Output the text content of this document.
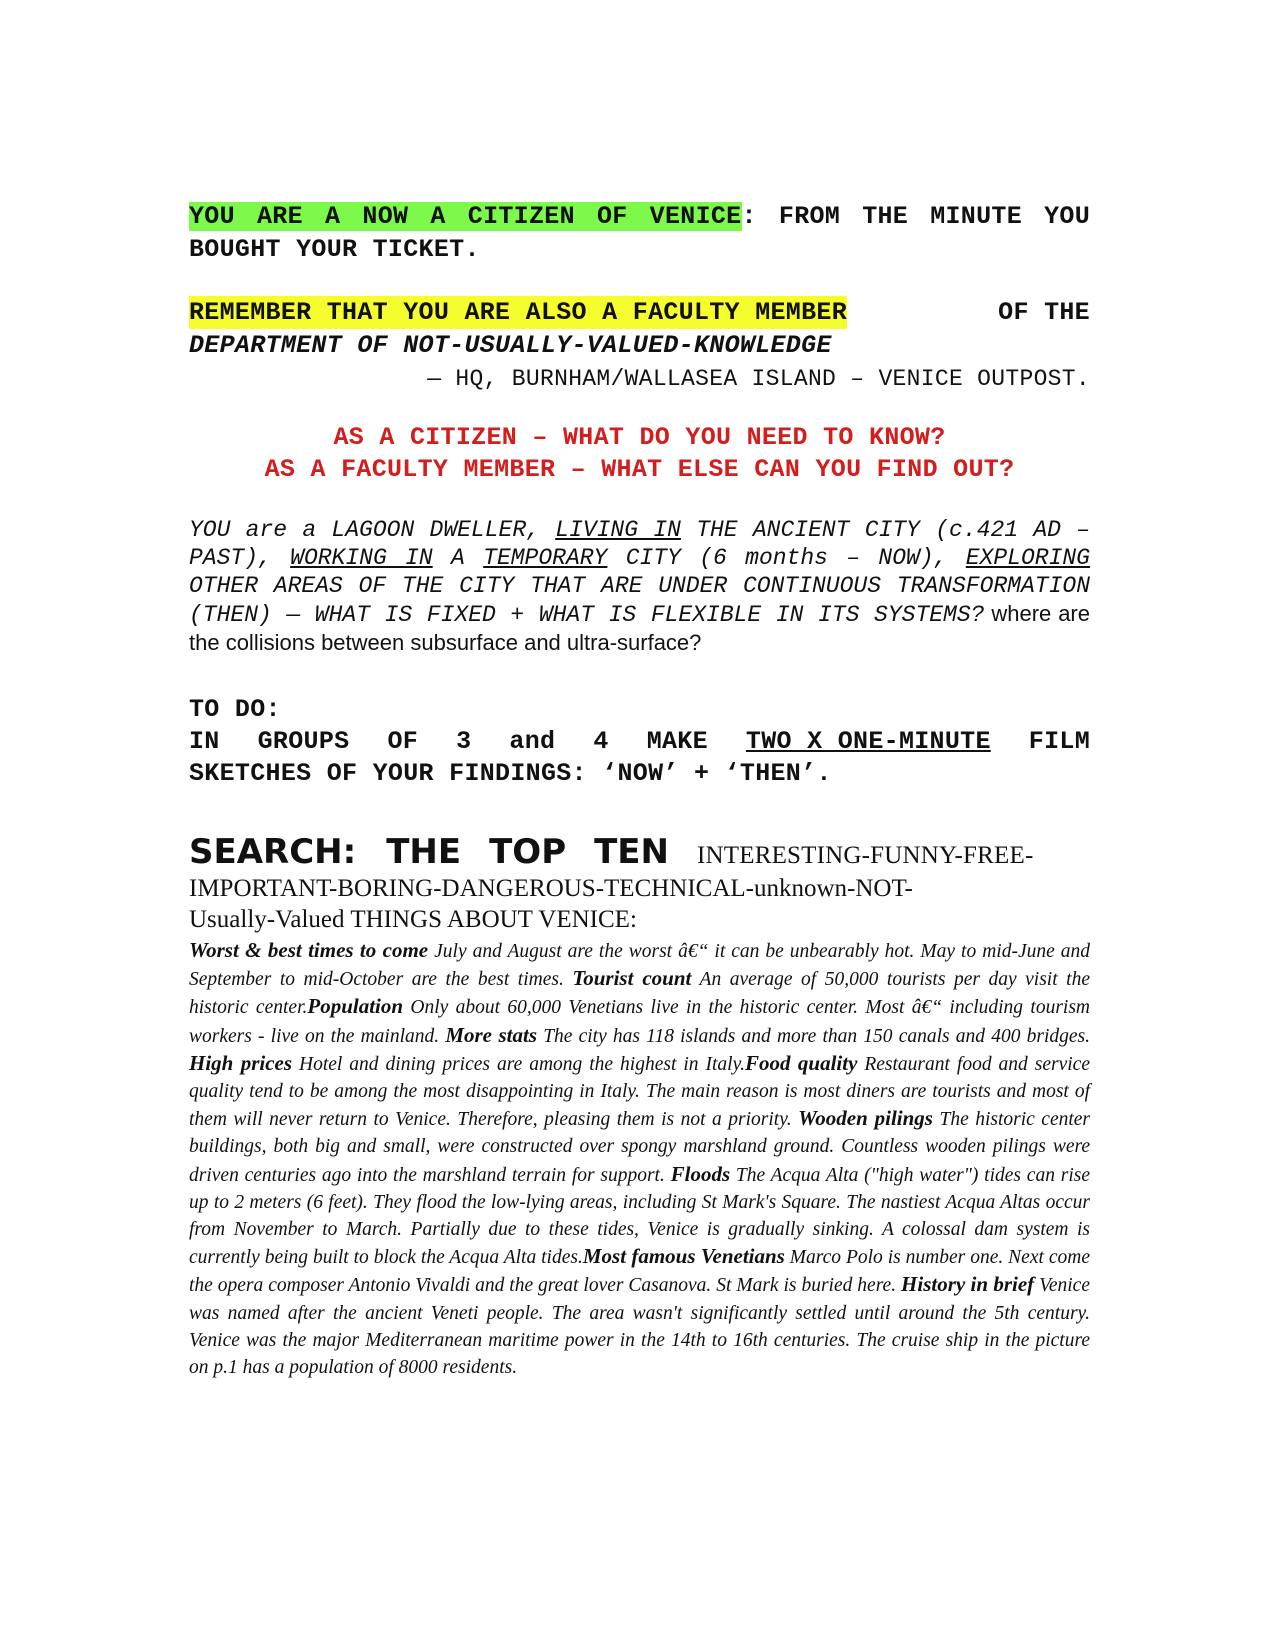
YOU ARE A NOW A CITIZEN OF VENICE: FROM THE MINUTE YOU BOUGHT YOUR TICKET.
REMEMBER THAT YOU ARE ALSO A FACULTY MEMBER	OF THE
DEPARTMENT OF NOT-USUALLY-VALUED-KNOWLEDGE
— HQ, BURNHAM/WALLASEA ISLAND – VENICE OUTPOST.
AS A CITIZEN – WHAT DO YOU NEED TO KNOW?
AS A FACULTY MEMBER – WHAT ELSE CAN YOU FIND OUT?
YOU are a LAGOON DWELLER, LIVING IN THE ANCIENT CITY (c.421 AD – PAST), WORKING IN A TEMPORARY CITY (6 months – NOW), EXPLORING OTHER AREAS OF THE CITY THAT ARE UNDER CONTINUOUS TRANSFORMATION (THEN) — WHAT IS FIXED + WHAT IS FLEXIBLE IN ITS SYSTEMS? where are the collisions between subsurface and ultra-surface?
TO DO:
IN GROUPS OF 3 and 4 MAKE TWO X ONE-MINUTE FILM
SKETCHES OF YOUR FINDINGS: ‘NOW’ + ‘THEN’.
SEARCH: THE TOP TEN INTERESTING-FUNNY-FREE-
IMPORTANT-BORING-DANGEROUS-TECHNICAL-unknown-NOT-
Usually-Valued THINGS ABOUT VENICE:
Worst & best times to come July and August are the worst â€“ it can be unbearably hot. May to mid-June and September to mid-October are the best times. Tourist count An average of 50,000 tourists per day visit the historic center.Population Only about 60,000 Venetians live in the historic center. Most â€“ including tourism workers - live on the mainland. More stats The city has 118 islands and more than 150 canals and 400 bridges. High prices Hotel and dining prices are among the highest in Italy.Food quality Restaurant food and service quality tend to be among the most disappointing in Italy. The main reason is most diners are tourists and most of them will never return to Venice. Therefore, pleasing them is not a priority. Wooden pilings The historic center buildings, both big and small, were constructed over spongy marshland ground. Countless wooden pilings were driven centuries ago into the marshland terrain for support. Floods The Acqua Alta ("high water") tides can rise up to 2 meters (6 feet). They flood the low-lying areas, including St Mark's Square. The nastiest Acqua Altas occur from November to March. Partially due to these tides, Venice is gradually sinking. A colossal dam system is currently being built to block the Acqua Alta tides.Most famous Venetians Marco Polo is number one. Next come the opera composer Antonio Vivaldi and the great lover Casanova. St Mark is buried here. History in brief Venice was named after the ancient Veneti people. The area wasn't significantly settled until around the 5th century. Venice was the major Mediterranean maritime power in the 14th to 16th centuries. The cruise ship in the picture on p.1 has a population of 8000 residents.
